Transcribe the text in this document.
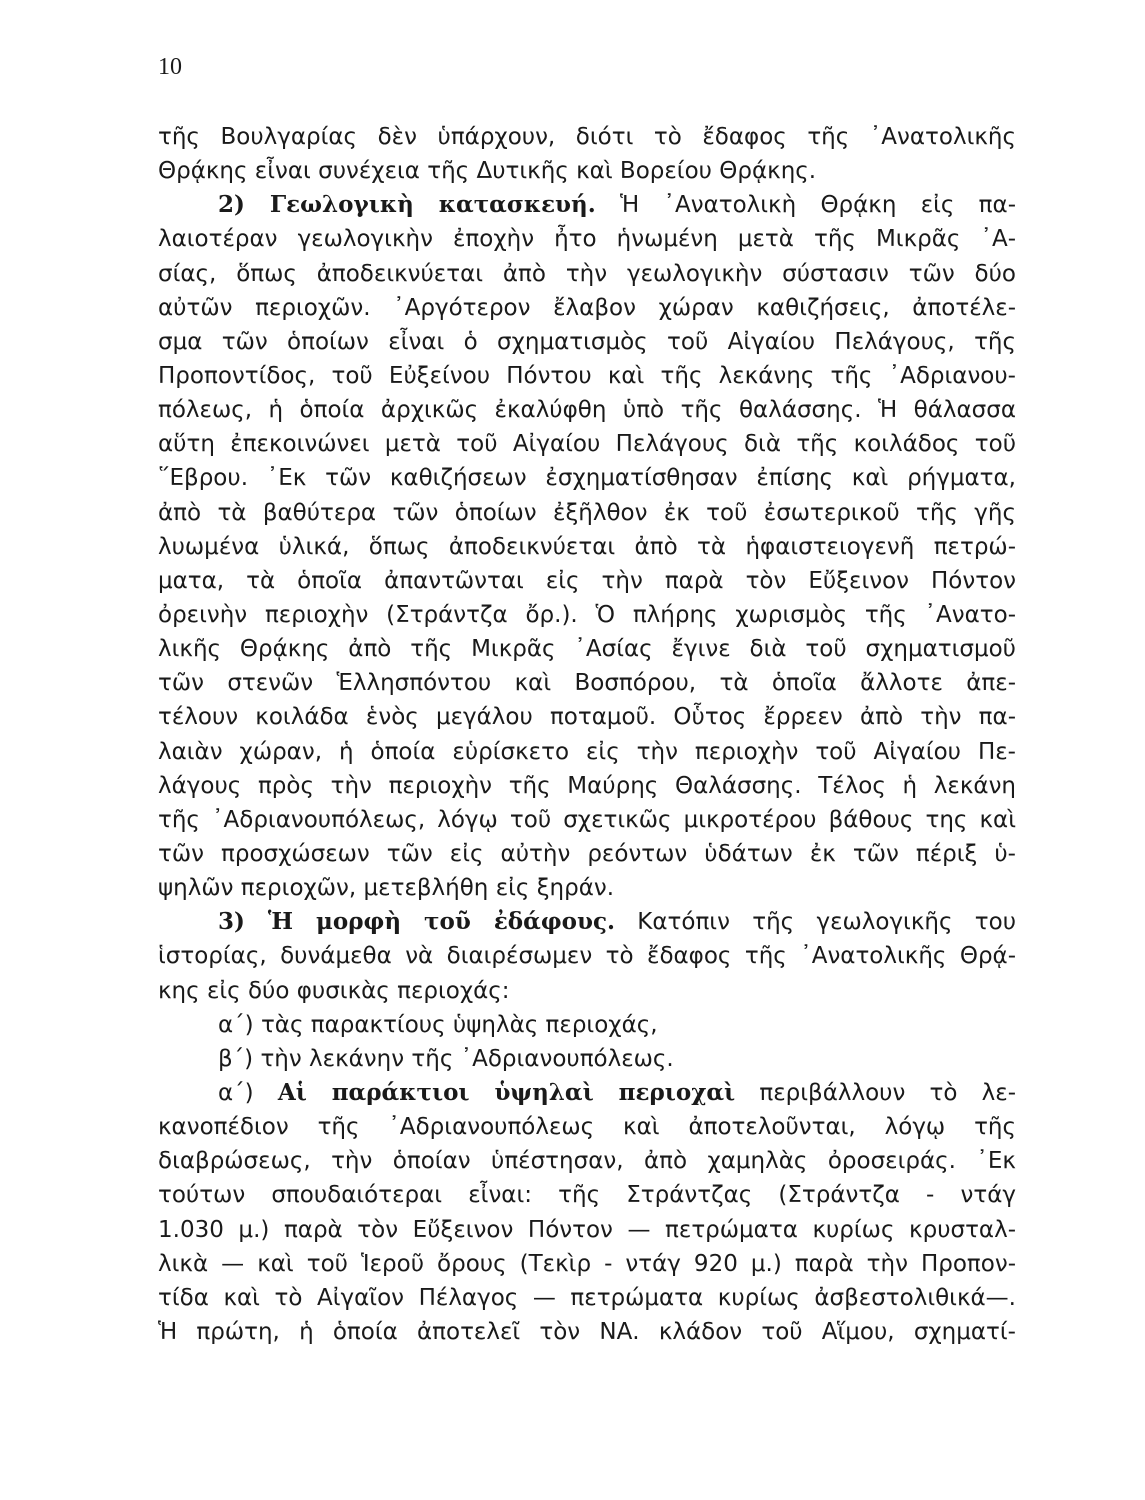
10
τῆς Βουλγαρίας δὲν ὑπάρχουν, διότι τὸ ἔδαφος τῆς ᾿Ανατολικῆς
Θρᾴκης εἶναι συνέχεια τῆς Δυτικῆς καὶ Βορείου Θρᾴκης.
2) Γεωλογικὴ κατασκευή. Ἡ ᾿Ανατολικὴ Θρᾴκη εἰς πα-
λαιοτέραν γεωλογικὴν ἐποχὴν ἦτο ἡνωμένη μετὰ τῆς Μικρᾶς ᾿Α-
σίας, ὅπως ἀποδεικνύεται ἀπὸ τὴν γεωλογικὴν σύστασιν τῶν δύο
αὐτῶν περιοχῶν. ᾿Αργότερον ἔλαβον χώραν καθιζήσεις, ἀποτέλε-
σμα τῶν ὁποίων εἶναι ὁ σχηματισμὸς τοῦ Αἰγαίου Πελάγους, τῆς
Προποντίδος, τοῦ Εὐξείνου Πόντου καὶ τῆς λεκάνης τῆς ᾿Αδριανου-
πόλεως, ἡ ὁποία ἀρχικῶς ἐκαλύφθη ὑπὸ τῆς θαλάσσης. Ἡ θάλασσα
αὕτη ἐπεκοινώνει μετὰ τοῦ Αἰγαίου Πελάγους διὰ τῆς κοιλάδος τοῦ
῞Εβρου. ᾿Εκ τῶν καθιζήσεων ἐσχηματίσθησαν ἐπίσης καὶ ρήγματα,
ἀπὸ τὰ βαθύτερα τῶν ὁποίων ἐξῆλθον ἐκ τοῦ ἐσωτερικοῦ τῆς γῆς
λυωμένα ὑλικά, ὅπως ἀποδεικνύεται ἀπὸ τὰ ἡφαιστειογενῆ πετρώ-
ματα, τὰ ὁποῖα ἀπαντῶνται εἰς τὴν παρὰ τὸν Εὔξεινον Πόντον
ὀρεινὴν περιοχὴν (Στράντζα ὄρ.). Ὁ πλήρης χωρισμὸς τῆς ᾿Ανατο-
λικῆς Θρᾴκης ἀπὸ τῆς Μικρᾶς ᾿Ασίας ἔγινε διὰ τοῦ σχηματισμοῦ
τῶν στενῶν Ἑλλησπόντου καὶ Βοσπόρου, τὰ ὁποῖα ἄλλοτε ἀπε-
τέλουν κοιλάδα ἑνὸς μεγάλου ποταμοῦ. Οὗτος ἔρρεεν ἀπὸ τὴν πα-
λαιὰν χώραν, ἡ ὁποία εὑρίσκετο εἰς τὴν περιοχὴν τοῦ Αἰγαίου Πε-
λάγους πρὸς τὴν περιοχὴν τῆς Μαύρης Θαλάσσης. Τέλος ἡ λεκάνη
τῆς ᾿Αδριανουπόλεως, λόγῳ τοῦ σχετικῶς μικροτέρου βάθους της καὶ
τῶν προσχώσεων τῶν εἰς αὐτὴν ρεόντων ὑδάτων ἐκ τῶν πέριξ ὑ-
ψηλῶν περιοχῶν, μετεβλήθη εἰς ξηράν.
3) Ἡ μορφὴ τοῦ ἐδάφους. Κατόπιν τῆς γεωλογικῆς του
ἱστορίας, δυνάμεθα νὰ διαιρέσωμεν τὸ ἔδαφος τῆς ᾿Ανατολικῆς Θρᾴ-
κης εἰς δύο φυσικὰς περιοχάς:
α΄) τὰς παρακτίους ὑψηλὰς περιοχάς,
β΄) τὴν λεκάνην τῆς ᾿Αδριανουπόλεως.
α΄) Αἱ παράκτιοι ὑψηλαὶ περιοχαὶ περιβάλλουν τὸ λε-
κανοπέδιον τῆς ᾿Αδριανουπόλεως καὶ ἀποτελοῦνται, λόγῳ τῆς
διαβρώσεως, τὴν ὁποίαν ὑπέστησαν, ἀπὸ χαμηλὰς ὀροσειράς. ᾿Εκ
τούτων σπουδαιότεραι εἶναι: τῆς Στράντζας (Στράντζα - ντάγ
1.030 μ.) παρὰ τὸν Εὔξεινον Πόντον — πετρώματα κυρίως κρυσταλ-
λικὰ — καὶ τοῦ Ἱεροῦ ὄρους (Τεκὶρ - ντάγ 920 μ.) παρὰ τὴν Προπον-
τίδα καὶ τὸ Αἰγαῖον Πέλαγος — πετρώματα κυρίως ἀσβεστολιθικά—.
Ἡ πρώτη, ἡ ὁποία ἀποτελεῖ τὸν ΝΑ. κλάδον τοῦ Αἵμου, σχηματί-
